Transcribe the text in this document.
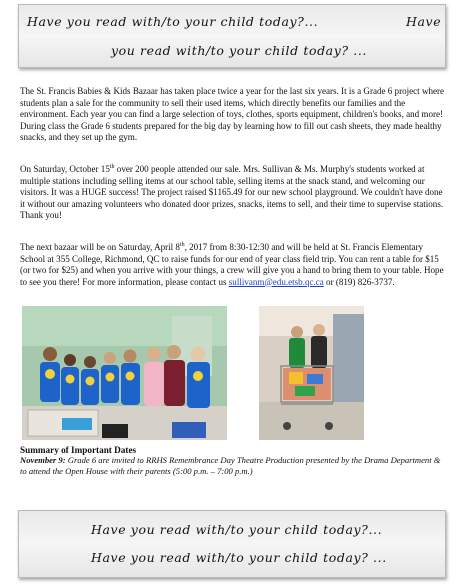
Have you read with/to your child today?...	Have
you read with/to your child today? ...

The St. Francis Babies & Kids Bazaar has taken place twice a year for the last six years. It is a Grade 6 project where students plan a sale for the community to sell their used items, which directly benefits our families and the environment. Each year you can find a large selection of toys, clothes, sports equipment, children's books, and more! During class the Grade 6 students prepared for the big day by learning how to fill out cash sheets, they made healthy snacks, and they set up the gym.

On Saturday, October 15th over 200 people attended our sale. Mrs. Sullivan & Ms. Murphy's students worked at multiple stations including selling items at our school table, selling items at the snack stand, and welcoming our visitors. It was a HUGE success! The project raised $1165.49 for our new school playground. We couldn't have done it without our amazing volunteers who donated door prizes, snacks, items to sell, and their time to supervise stations. Thank you!

The next bazaar will be on Saturday, April 8th, 2017 from 8:30-12:30 and will be held at St. Francis Elementary School at 355 College, Richmond, QC to raise funds for our end of year class field trip. You can rent a table for $15 (or two for $25) and when you arrive with your things, a crew will give you a hand to bring them to your table. Hope to see you there! For more information, please contact us sullivanm@edu.etsb.qc.ca or (819) 826-3737.

Summary of Important Dates

November 9: Grade 6 are invited to RRHS Remembrance Day Theatre Production presented by the Drama Department & to attend the Open House with their parents (5:00 p.m. – 7:00 p.m.)

Have you read with/to your child today?...
Have you read with/to your child today? ...
